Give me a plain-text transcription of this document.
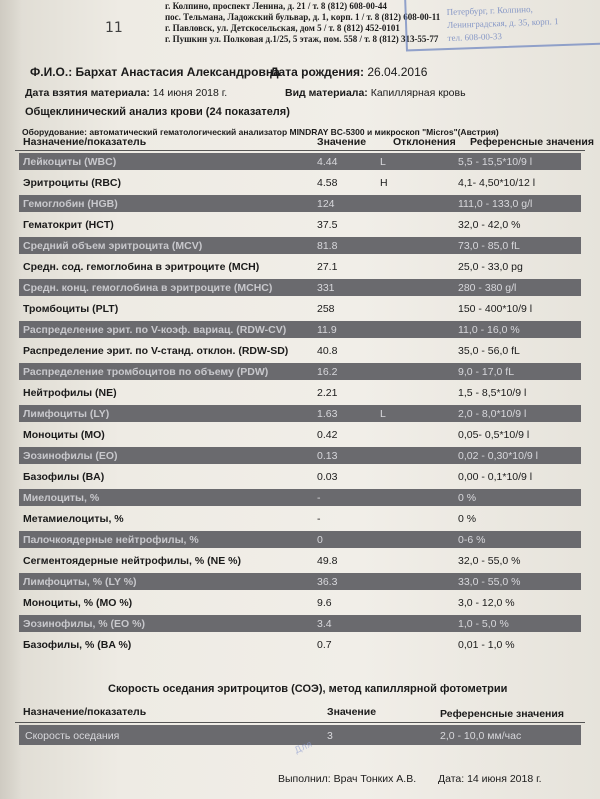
г. Колпино, проспект Ленина, д. 21 / т. 8 (812) 608-00-44
пос. Тельмана, Ладожский бульвар, д. 1, корп. 1 / т. 8 (812) 608-00-11
г. Павловск, ул. Детскосельская, дом 5 / т. 8 (812) 452-0101
г. Пушкин ул. Полковая д.1/25, 5 этаж, пом. 558 / т. 8 (812) 313-55-77
Петербург, г. Колпино,
Ленинградская, д. 35, корп. 1
тел. 608-00-33
11
Ф.И.О.: Бархат Анастасия Александровна
Дата рождения: 26.04.2016
Дата взятия материала: 14 июня 2018 г.	Вид материала: Капиллярная кровь
Общеклинический анализ крови (24 показателя)
Оборудование: автоматический гематологический анализатор MINDRAY BC-5300 и микроскоп "Micros"(Австрия)
Назначение/показатель	Значение	Отклонения Референсные значения
Лейкоциты (WBC)	4.44	L	5,5 - 15,5*10/9 l
Эритроциты (RBC)	4.58	H	4,1- 4,50*10/12 l
Гемоглобин (HGB)	124	111,0 - 133,0 g/l
Гематокрит (HCT)	37.5	32,0 - 42,0 %
Средний объем эритроцита (MCV)	81.8	73,0 - 85,0 fL
Средн. сод. гемоглобина в эритроците (MCH)	27.1	25,0 - 33,0 pg
Средн. конц. гемоглобина в эритроците (MCHC)	331	280 - 380 g/l
Тромбоциты (PLT)	258	150 - 400*10/9 l
Распределение эрит. по V-коэф. вариац. (RDW-CV)	11.9	11,0 - 16,0 %
Распределение эрит. по V-станд. отклон. (RDW-SD)	40.8	35,0 - 56,0 fL
Распределение тромбоцитов по объему (PDW)	16.2	9,0 - 17,0 fL
Нейтрофилы (NE)	2.21	1,5 - 8,5*10/9 l
Лимфоциты (LY)	1.63	L	2,0 - 8,0*10/9 l
Моноциты (MO)	0.42	0,05- 0,5*10/9 l
Эозинофилы (EO)	0.13	0,02 - 0,30*10/9 l
Базофилы (BA)	0.03	0,00 - 0,1*10/9 l
Миелоциты, %	-	0 %
Метамиелоциты, %	-	0 %
Палочкоядерные нейтрофилы, %	0	0-6 %
Сегментоядерные нейтрофилы, % (NE %)	49.8	32,0 - 55,0 %
Лимфоциты, % (LY %)	36.3	33,0 - 55,0 %
Моноциты, % (MO %)	9.6	3,0 - 12,0 %
Эозинофилы, % (EO %)	3.4	1,0 - 5,0 %
Базофилы, % (BA %)	0.7	0,01 - 1,0 %
Скорость оседания эритроцитов (СОЭ), метод капиллярной фотометрии
Назначение/показатель	Значение	Референсные значения
Скорость оседания	3	2,0 - 10,0 мм/час
Для
Выполнил: Врач Тонких А.В. Дата: 14 июня 2018 г.
